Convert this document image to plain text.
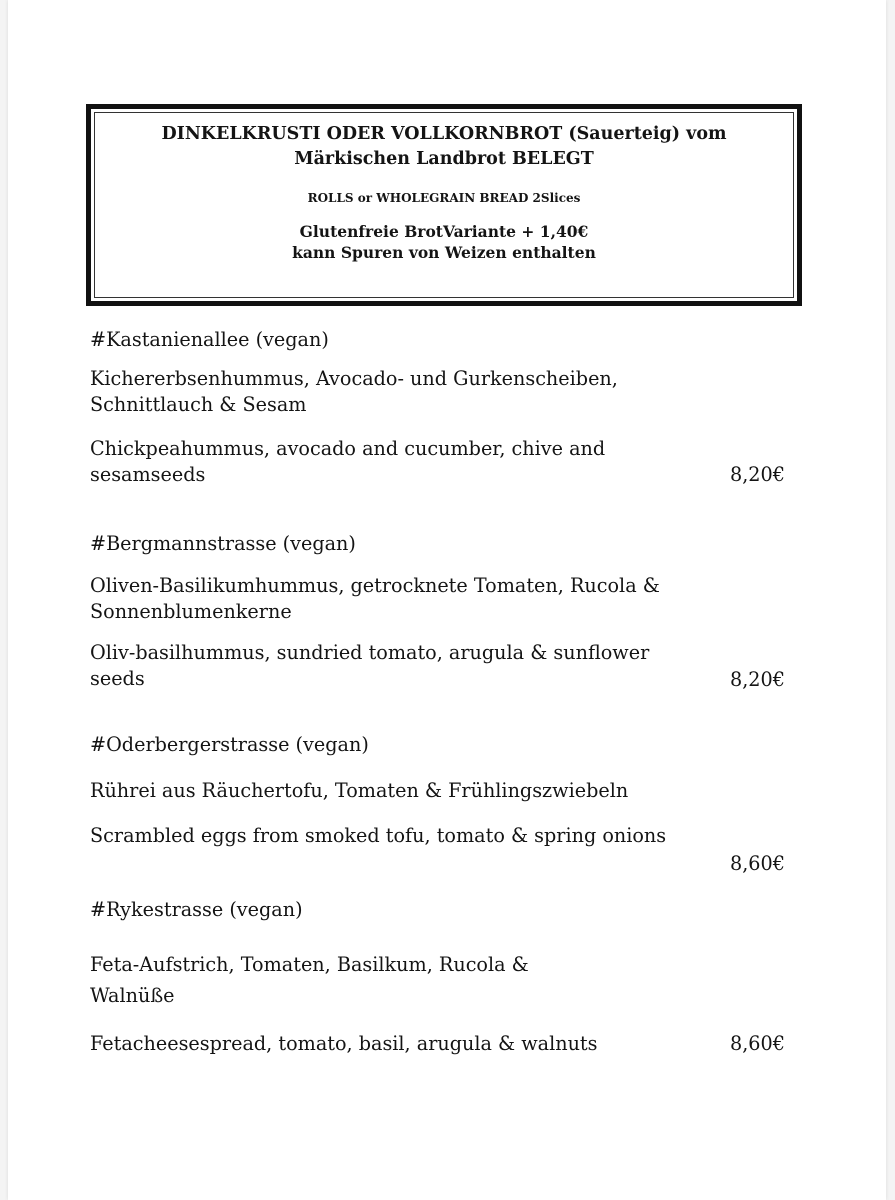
DINKELKRUSTI ODER VOLLKORNBROT (Sauerteig) vom
Märkischen Landbrot BELEGT
ROLLS or WHOLEGRAIN BREAD 2Slices
Glutenfreie BrotVariante + 1,40€
kann Spuren von Weizen enthalten
#Kastanienallee (vegan)
Kichererbsenhummus, Avocado- und Gurkenscheiben,
Schnittlauch & Sesam
Chickpeahummus, avocado and cucumber, chive and
sesamseeds	8,20€
#Bergmannstrasse (vegan)
Oliven-Basilikumhummus, getrocknete Tomaten, Rucola &
Sonnenblumenkerne
Oliv-basilhummus, sundried tomato, arugula & sunflower
seeds	8,20€
#Oderbergerstrasse (vegan)
Rührei aus Räuchertofu, Tomaten & Frühlingszwiebeln
Scrambled eggs from smoked tofu, tomato & spring onions
8,60€
#Rykestrasse (vegan)
Feta-Aufstrich, Tomaten, Basilkum, Rucola &
Walnüße
Fetacheesespread, tomato, basil, arugula & walnuts	8,60€
